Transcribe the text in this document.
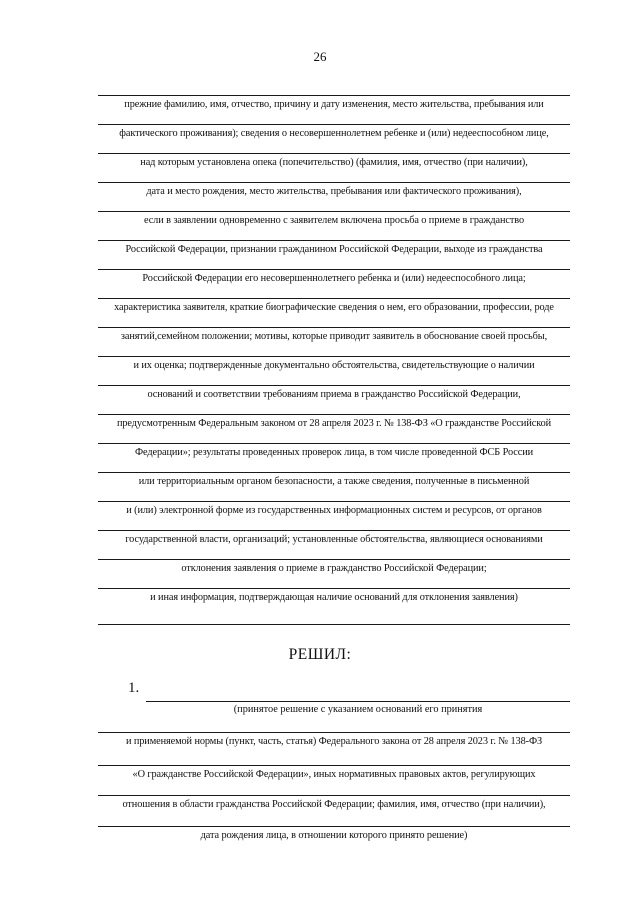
26
прежние фамилию, имя, отчество, причину и дату изменения, место жительства, пребывания или
фактического проживания); сведения о несовершеннолетнем ребенке и (или) недееспособном лице,
над которым установлена опека (попечительство) (фамилия, имя, отчество (при наличии),
дата и место рождения, место жительства, пребывания или фактического проживания),
если в заявлении одновременно с заявителем включена просьба о приеме в гражданство
Российской Федерации, признании гражданином Российской Федерации, выходе из гражданства
Российской Федерации его несовершеннолетнего ребенка и (или) недееспособного лица;
характеристика заявителя, краткие биографические сведения о нем, его образовании, профессии, роде
занятий,семейном положении; мотивы, которые приводит заявитель в обоснование своей просьбы,
и их оценка; подтвержденные документально обстоятельства, свидетельствующие о наличии
оснований и соответствии требованиям приема в гражданство Российской Федерации,
предусмотренным Федеральным законом от 28 апреля 2023 г. № 138-ФЗ «О гражданстве Российской
Федерации»; результаты проведенных проверок лица, в том числе проведенной ФСБ России
или территориальным органом безопасности, а также сведения, полученные в письменной
и (или) электронной форме из государственных информационных систем и ресурсов, от органов
государственной власти, организаций; установленные обстоятельства, являющиеся основаниями
отклонения заявления о приеме в гражданство Российской Федерации;
и иная информация, подтверждающая наличие оснований для отклонения заявления)
РЕШИЛ:
1.
(принятое решение с указанием оснований его принятия
и применяемой нормы (пункт, часть, статья) Федерального закона от 28 апреля 2023 г. № 138-ФЗ
«О гражданстве Российской Федерации», иных нормативных правовых актов, регулирующих
отношения в области гражданства Российской Федерации; фамилия, имя, отчество (при наличии),
дата рождения лица, в отношении которого принято решение)
